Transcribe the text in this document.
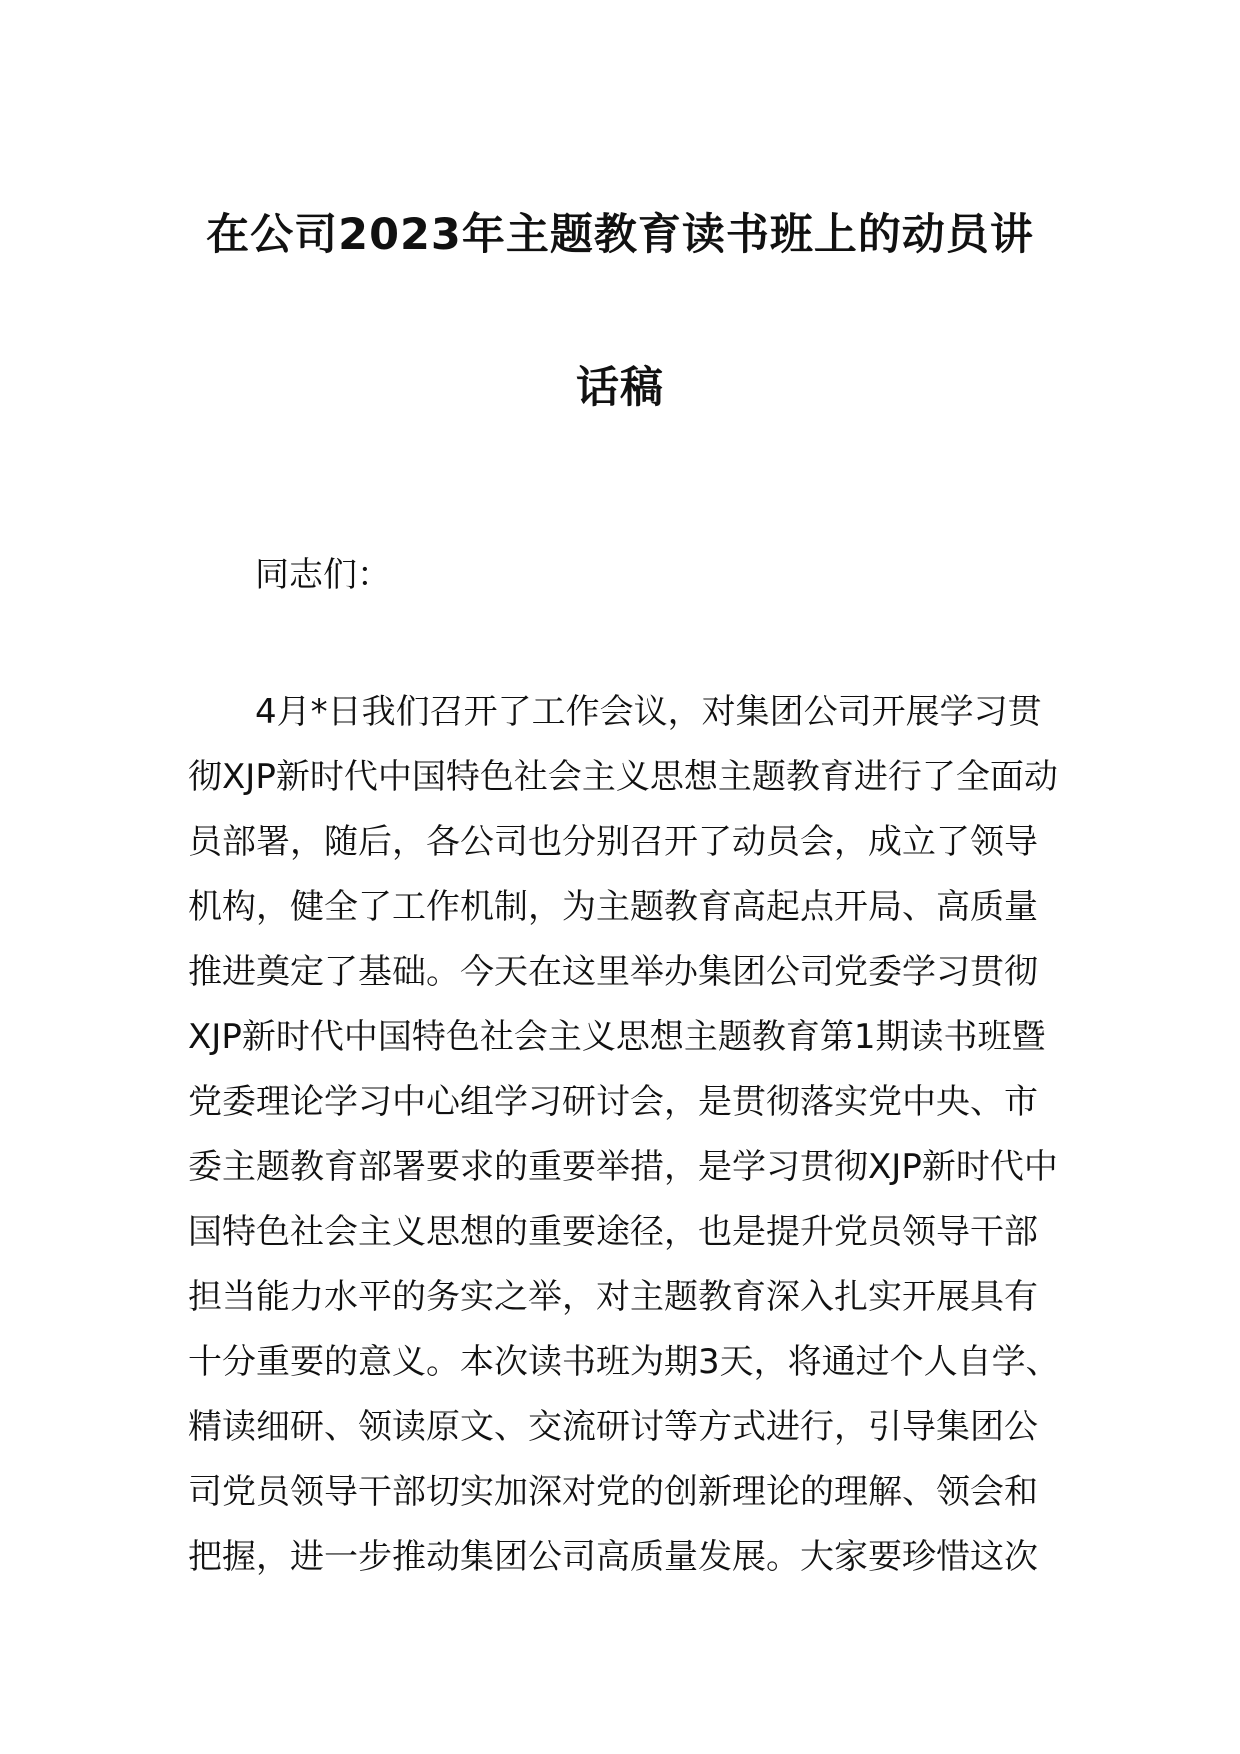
在公司2023年主题教育读书班上的动员讲
话稿

同志们：

4月*日我们召开了工作会议，对集团公司开展学习贯
彻XJP新时代中国特色社会主义思想主题教育进行了全面动
员部署，随后，各公司也分别召开了动员会，成立了领导
机构，健全了工作机制，为主题教育高起点开局、高质量
推进奠定了基础。今天在这里举办集团公司党委学习贯彻
XJP新时代中国特色社会主义思想主题教育第1期读书班暨
党委理论学习中心组学习研讨会，是贯彻落实党中央、市
委主题教育部署要求的重要举措，是学习贯彻XJP新时代中
国特色社会主义思想的重要途径，也是提升党员领导干部
担当能力水平的务实之举，对主题教育深入扎实开展具有
十分重要的意义。本次读书班为期3天，将通过个人自学、
精读细研、领读原文、交流研讨等方式进行，引导集团公
司党员领导干部切实加深对党的创新理论的理解、领会和
把握，进一步推动集团公司高质量发展。大家要珍惜这次
